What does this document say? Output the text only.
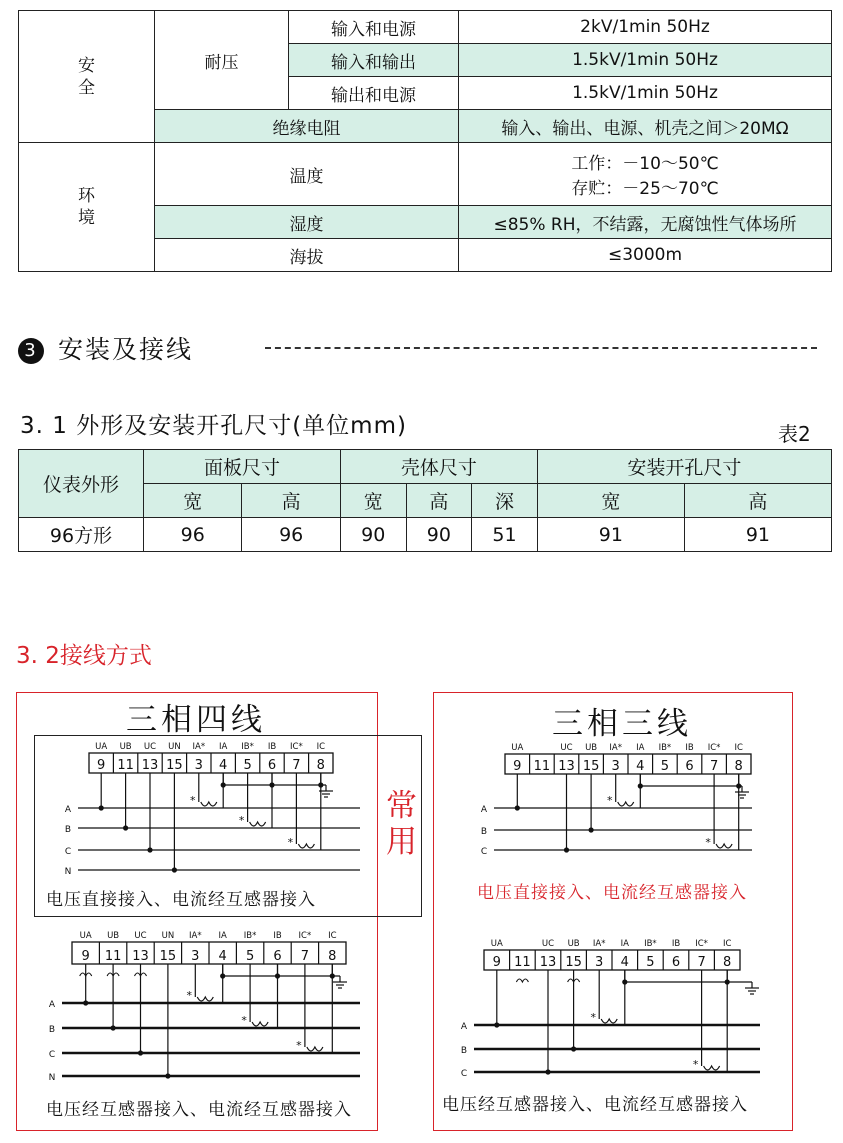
安全	耐压	输入和电源	2kV/1min 50Hz
		输入和输出	1.5kV/1min 50Hz
		输出和电源	1.5kV/1min 50Hz
	绝缘电阻		输入、输出、电源、机壳之间＞20MΩ
环境	温度		工作：－10～50℃
存贮：－25～70℃

	湿度		≤85% RH，不结露，无腐蚀性气体场所
	海拔		≤3000m
3 安装及接线
3. 1 外形及安装开孔尺寸(单位mm)	表2
仪表外形	面板尺寸		壳体尺寸			安装开孔尺寸	
	宽	高	宽	高	深	宽	高
96方形	96	96	90	90	51	91	91
3. 2接线方式
三相四线	三相三线
常用
电压直接接入、电流经互感器接入
电压经互感器接入、电流经互感器接入
电压直接接入、电流经互感器接入
电压经互感器接入、电流经互感器接入
9
UA
11
UB
13
UC
15
UN
3
IA*
4
IA
5
IB*
6
IB
7
IC*
8
IC
A
B
C
N
*
*
*
9
UA
11
UB
13
UC
15
UN
3
IA*
4
IA
5
IB*
6
IB
7
IC*
8
IC
A
B
C
N
*
*
*
9
UA
11 13
UC
15
UB
3
IA*
4
IA
5
IB*
6
IB
7
IC*
8
IC
A
B
C
*
*
9
UA
11 13
UC
15
UB
3
IA*
4
IA
5
IB*
6
IB
7
IC*
8
IC
A
B
C
*
*
